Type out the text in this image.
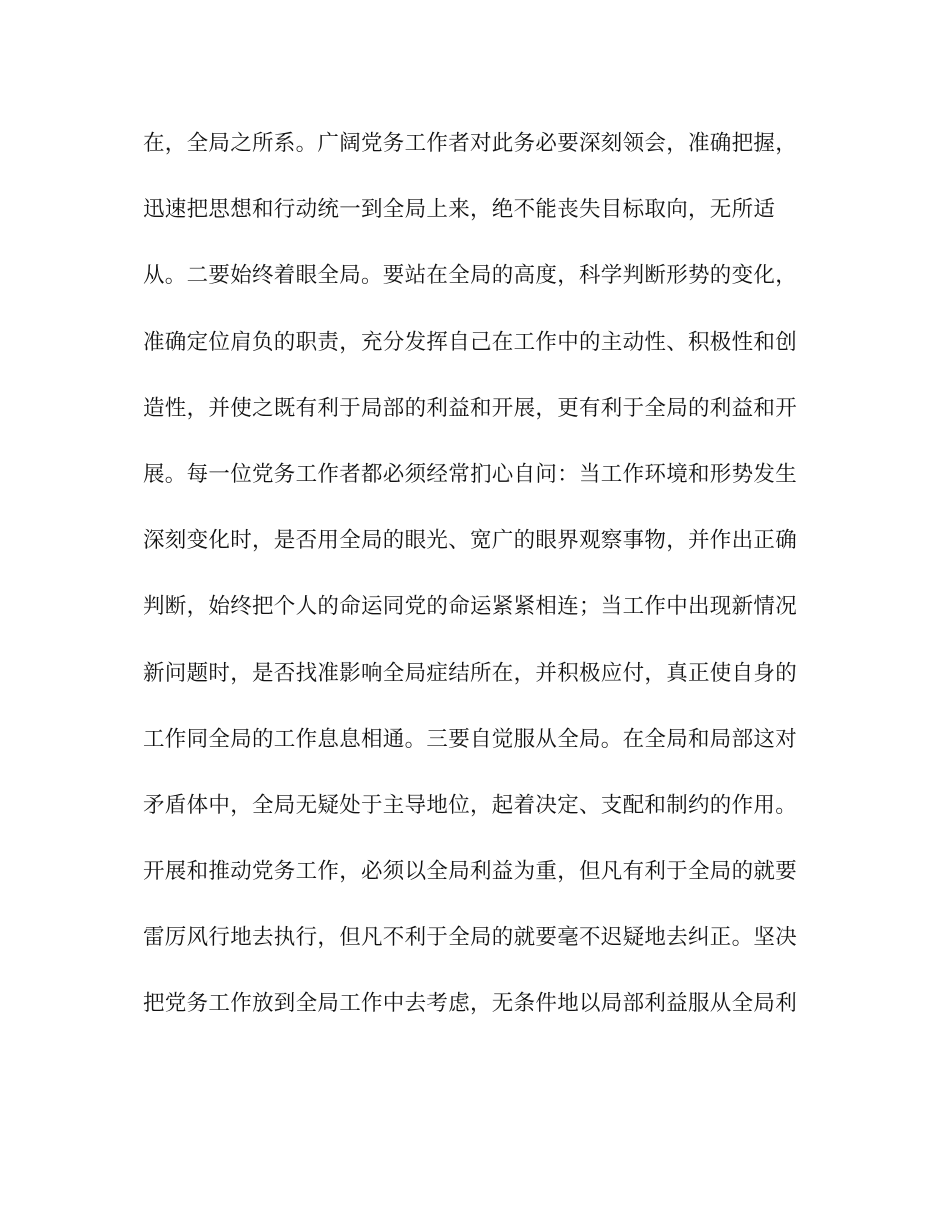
在，全局之所系。广阔党务工作者对此务必要深刻领会，准确把握，
迅速把思想和行动统一到全局上来，绝不能丧失目标取向，无所适
从。二要始终着眼全局。要站在全局的高度，科学判断形势的变化，
准确定位肩负的职责，充分发挥自己在工作中的主动性、积极性和创
造性，并使之既有利于局部的利益和开展，更有利于全局的利益和开
展。每一位党务工作者都必须经常扪心自问：当工作环境和形势发生
深刻变化时，是否用全局的眼光、宽广的眼界观察事物，并作出正确
判断，始终把个人的命运同党的命运紧紧相连；当工作中出现新情况
新问题时，是否找准影响全局症结所在，并积极应付，真正使自身的
工作同全局的工作息息相通。三要自觉服从全局。在全局和局部这对
矛盾体中，全局无疑处于主导地位，起着决定、支配和制约的作用。
开展和推动党务工作，必须以全局利益为重，但凡有利于全局的就要
雷厉风行地去执行，但凡不利于全局的就要毫不迟疑地去纠正。坚决
把党务工作放到全局工作中去考虑，无条件地以局部利益服从全局利
